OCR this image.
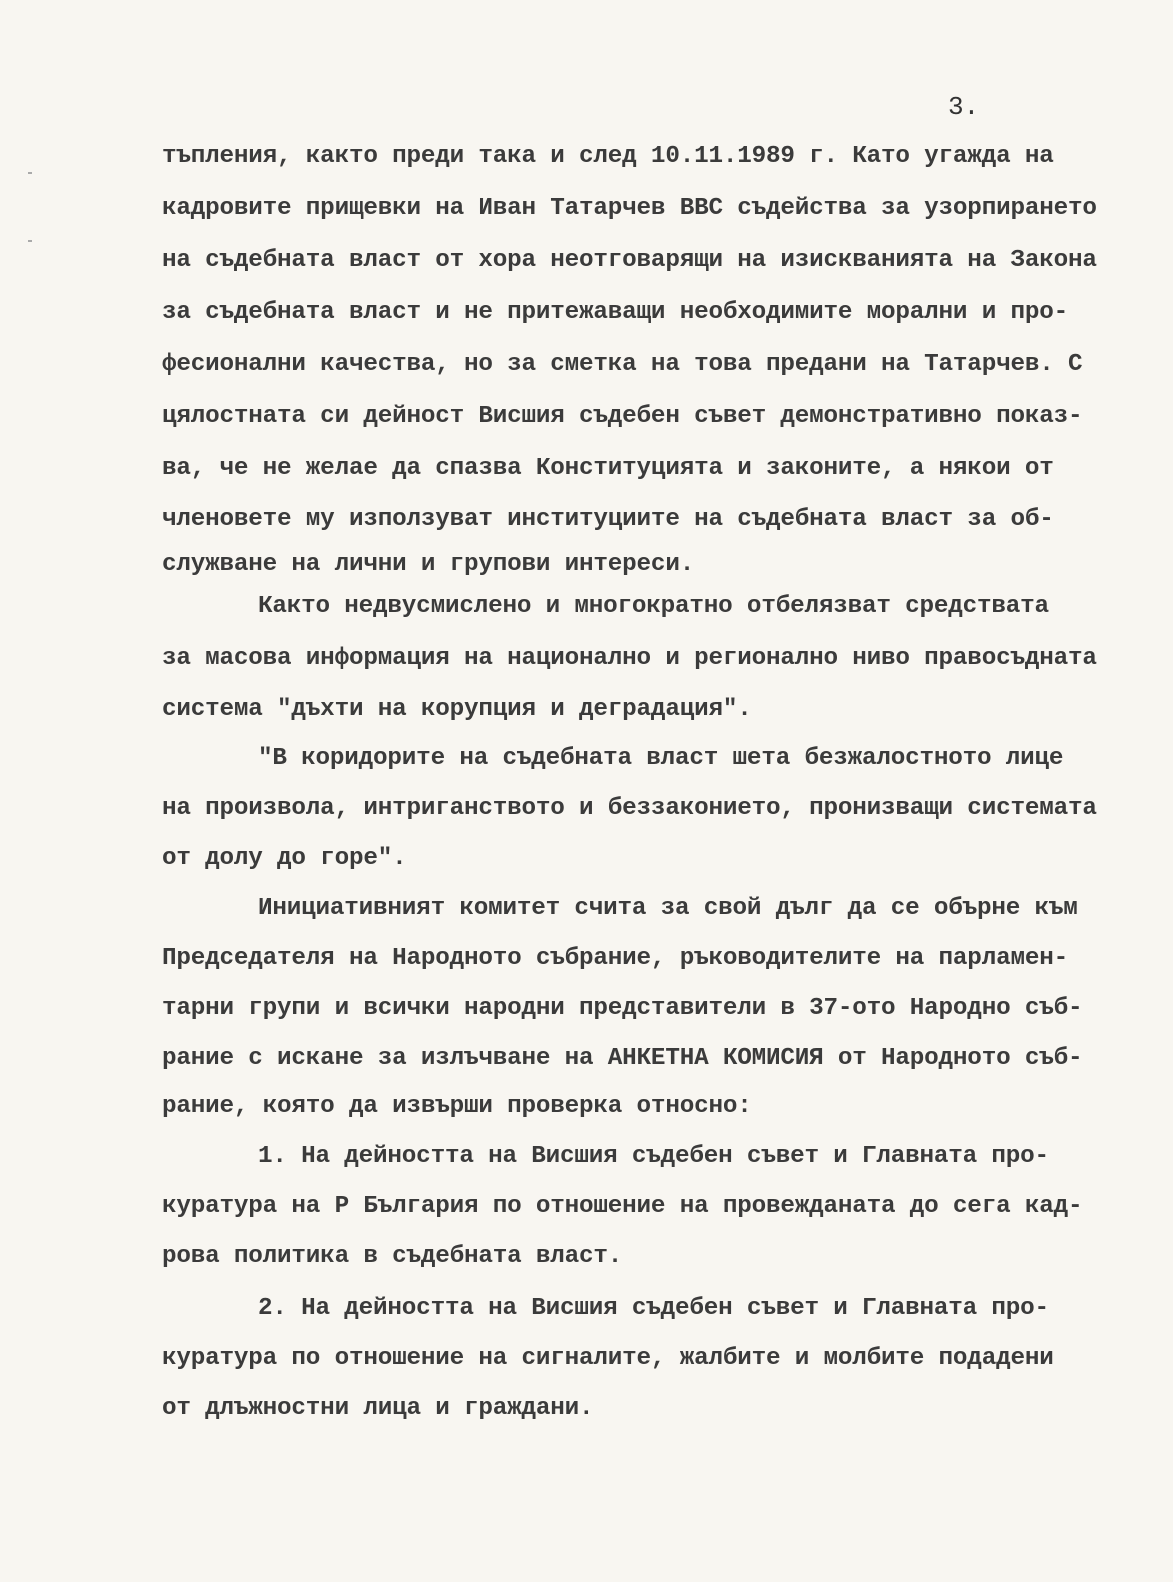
3.
тъпления, както преди така и след 10.11.1989 г. Като угажда на
кадровите прищевки на Иван Татарчев ВВС съдейства за узорпирането
на съдебната власт от хора неотговарящи на изискванията на Закона
за съдебната власт и не притежаващи необходимите морални и про-
фесионални качества, но за сметка на това предани на Татарчев. С
цялостната си дейност Висшия съдебен съвет демонстративно показ-
ва, че не желае да спазва Конституцията и законите, а някои от
членовете му използуват институциите на съдебната власт за об-
служване на лични и групови интереси.
Както недвусмислено и многократно отбелязват средствата
за масова информация на национално и регионално ниво правосъдната
система "дъхти на корупция и деградация".
"В коридорите на съдебната власт шета безжалостното лице
на произвола, интриганството и беззаконието, пронизващи системата
от долу до горе".
Инициативният комитет счита за свой дълг да се обърне към
Председателя на Народното събрание, ръководителите на парламен-
тарни групи и всички народни представители в 37-ото Народно съб-
рание с искане за излъчване на АНКЕТНА КОМИСИЯ от Народното съб-
рание, която да извърши проверка относно:
1. На дейността на Висшия съдебен съвет и Главната про-
куратура на Р България по отношение на провежданата до сега кад-
рова политика в съдебната власт.
2. На дейността на Висшия съдебен съвет и Главната про-
куратура по отношение на сигналите, жалбите и молбите подадени
от длъжностни лица и граждани.
